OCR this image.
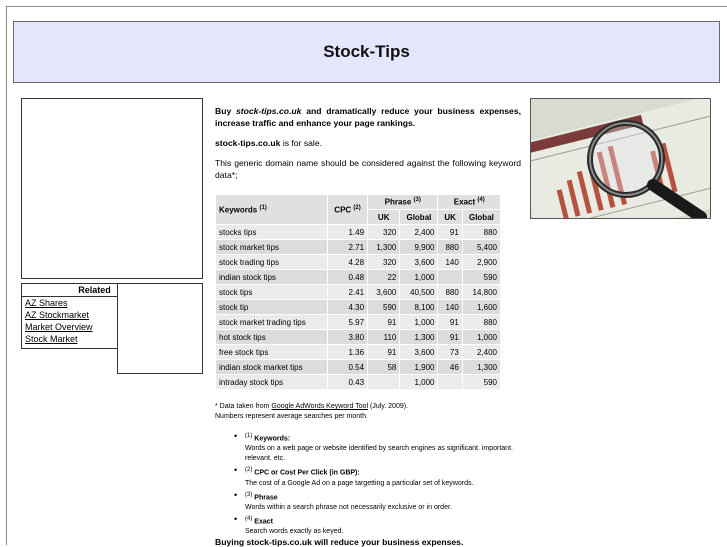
Stock-Tips
Related
AZ Shares
AZ Stockmarket
Market Overview
Stock Market

Buy stock-tips.co.uk and dramatically reduce your business expenses, increase traffic and enhance your page rankings.

stock-tips.co.uk is for sale.

This generic domain name should be considered against the following keyword data*;

Keywords $^{(1)}$	CPC $^{(2)}$	Phrase $^{(3)}$		Exact $^{(4)}$
		UK	Global	UK	Global
stocks tips	1.49	320	2,400	91	880
stock market tips	2.71	1,300	9,900	880	5,400
stock trading tips	4.28	320	3,600	140	2,900
indian stock tips	0.48	22	1,000		590
stock tips	2.41	3,600	40,500	880	14,800
stock tip	4.30	590	8,100	140	1,600
stock market trading tips	5.97	91	1,000	91	880
hot stock tips	3.80	110	1,300	91	1,000
free stock tips	1.36	91	3,600	73	2,400
indian stock market tips	0.54	58	1,900	46	1,300
intraday stock tips	0.43		1,000		590
* Data taken from Google AdWords Keyword Tool (July. 2009).
Numbers represent average searches per month.
• $^{(1)}$ Keywords:
Words on a web page or website identified by search engines as significant. important. relevant. etc.
• $^{(2)}$ CPC or Cost Per Click (in GBP):
The cost of a Google Ad on a page targetting a particular set of keywords.
• $^{(3)}$ Phrase
Words within a search phrase not necessarily exclusive or in order.
• $^{(4)}$ Exact
Search words exactly as keyed.
Buying stock-tips.co.uk will reduce your business expenses.
